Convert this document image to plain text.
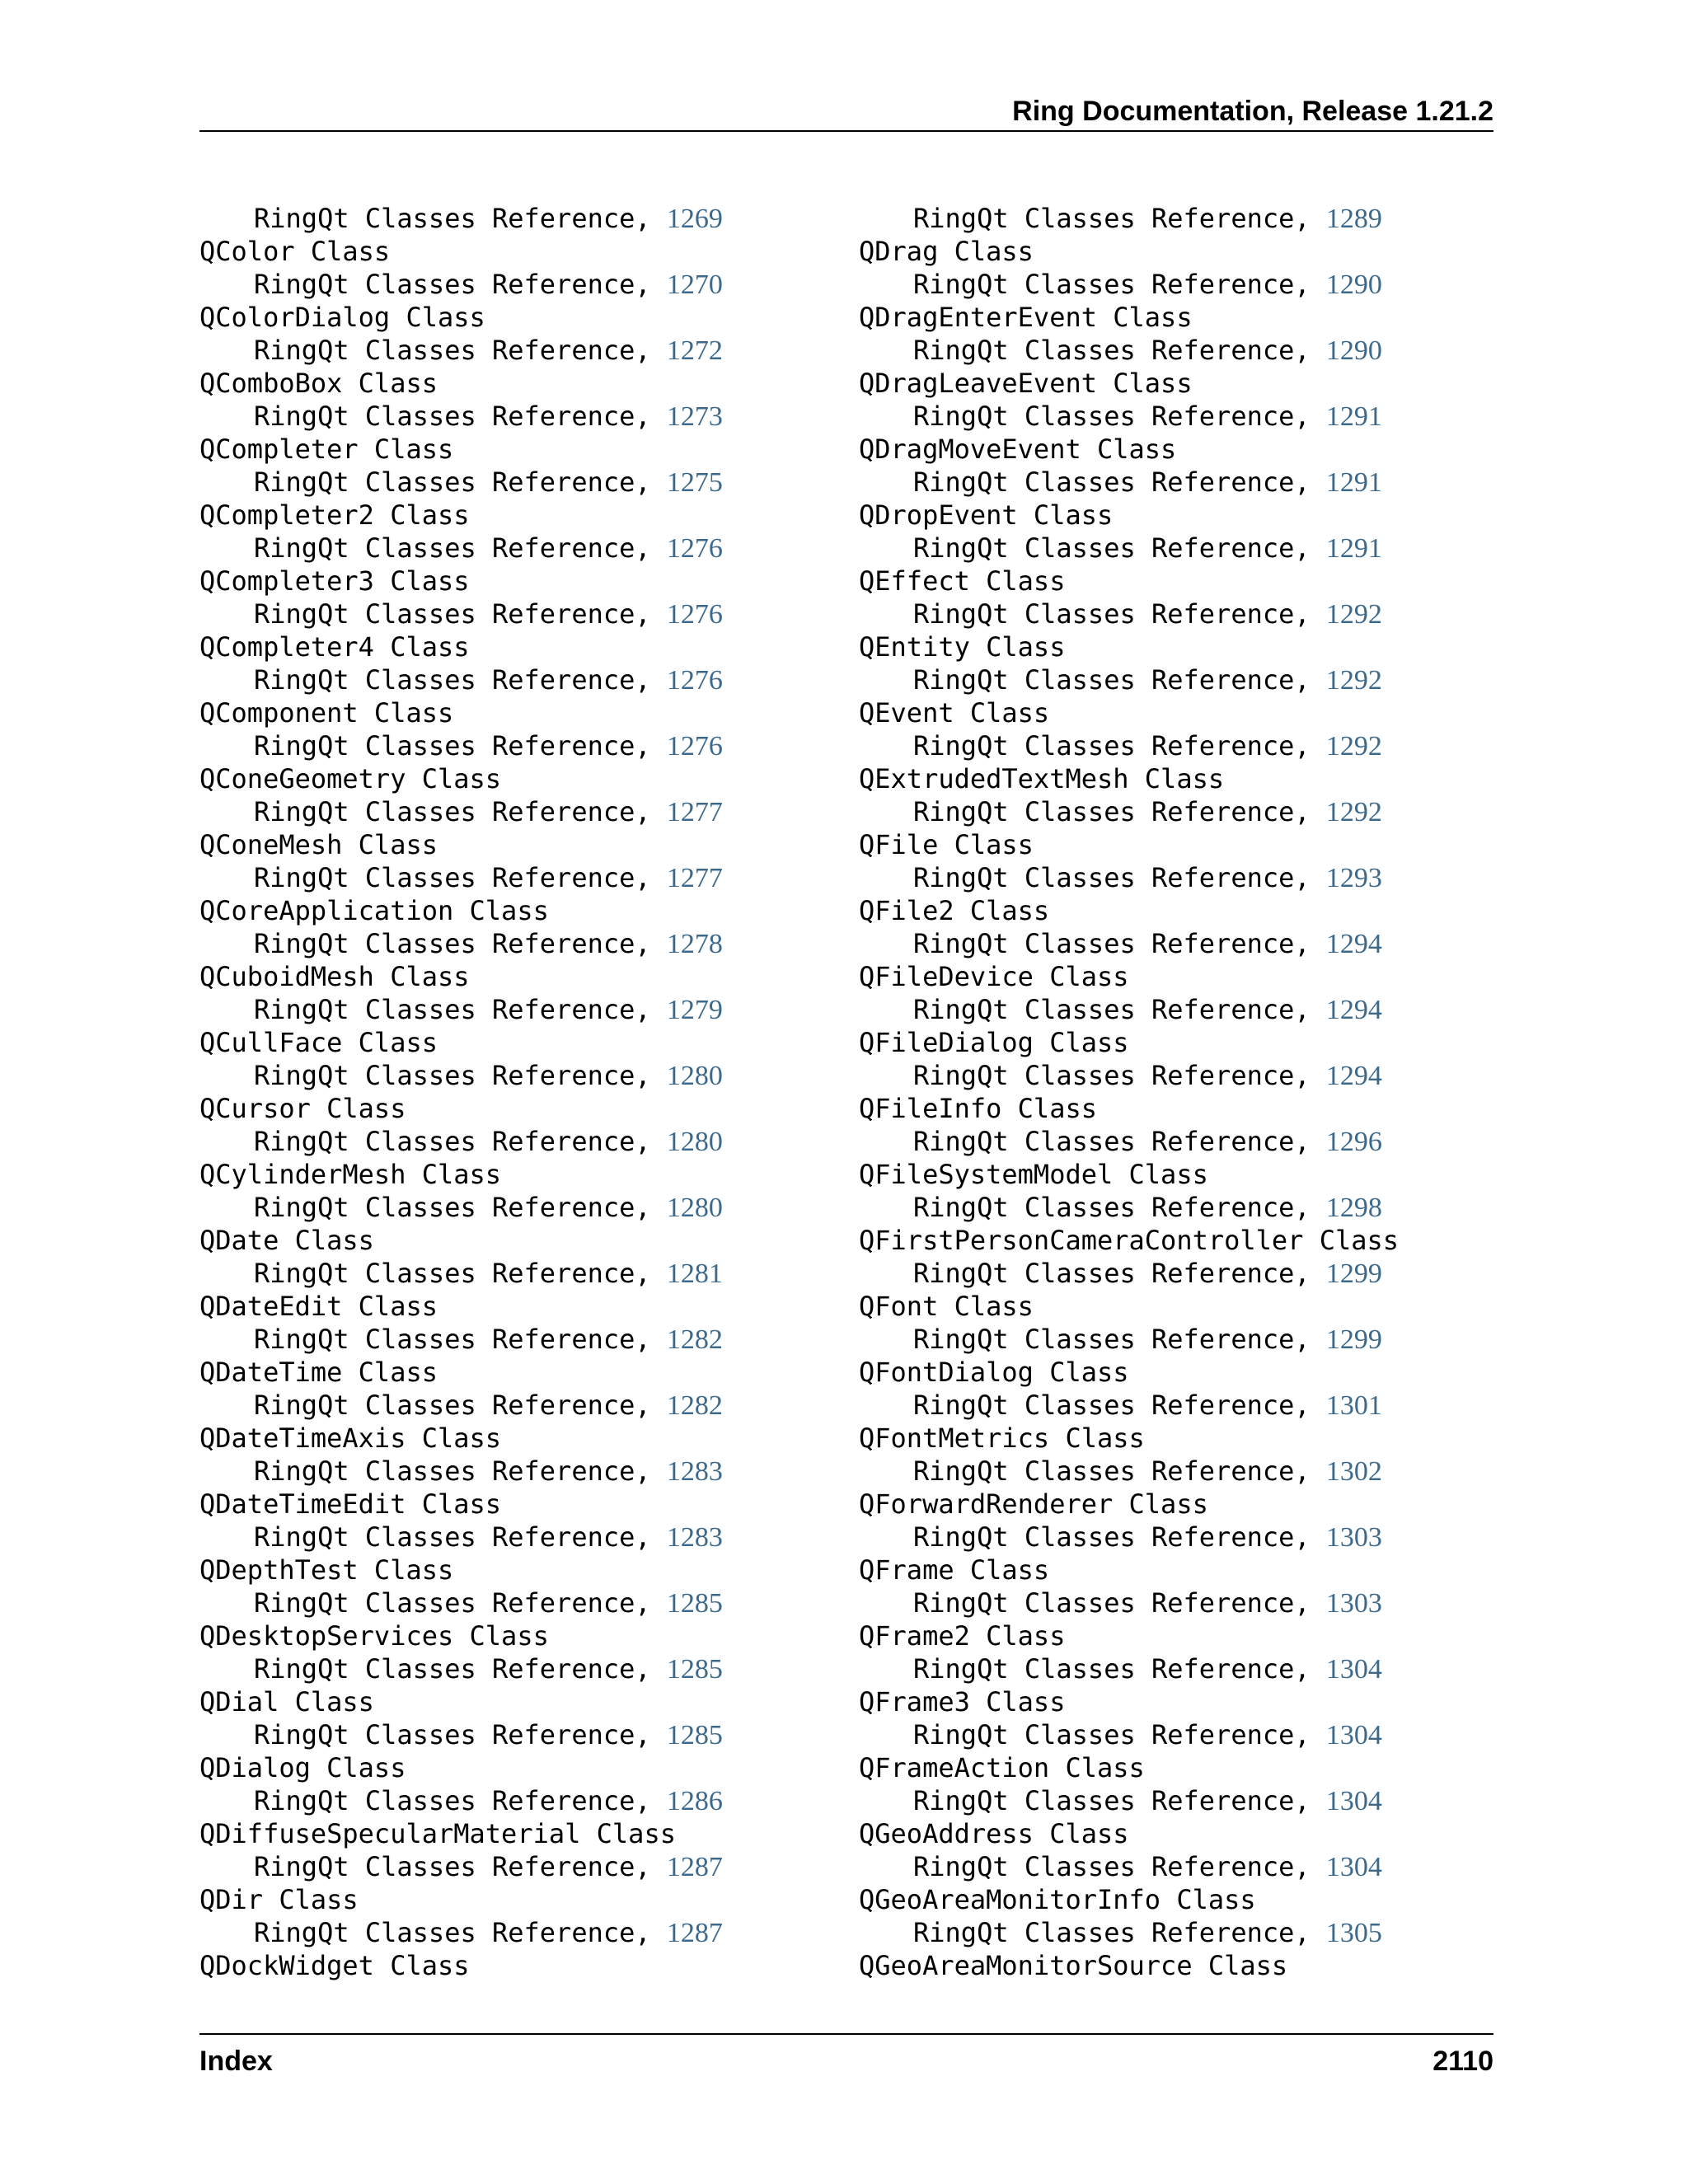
Ring Documentation, Release 1.21.2
RingQt Classes Reference, 1269
QColor Class
RingQt Classes Reference, 1270
QColorDialog Class
RingQt Classes Reference, 1272
QComboBox Class
RingQt Classes Reference, 1273
QCompleter Class
RingQt Classes Reference, 1275
QCompleter2 Class
RingQt Classes Reference, 1276
QCompleter3 Class
RingQt Classes Reference, 1276
QCompleter4 Class
RingQt Classes Reference, 1276
QComponent Class
RingQt Classes Reference, 1276
QConeGeometry Class
RingQt Classes Reference, 1277
QConeMesh Class
RingQt Classes Reference, 1277
QCoreApplication Class
RingQt Classes Reference, 1278
QCuboidMesh Class
RingQt Classes Reference, 1279
QCullFace Class
RingQt Classes Reference, 1280
QCursor Class
RingQt Classes Reference, 1280
QCylinderMesh Class
RingQt Classes Reference, 1280
QDate Class
RingQt Classes Reference, 1281
QDateEdit Class
RingQt Classes Reference, 1282
QDateTime Class
RingQt Classes Reference, 1282
QDateTimeAxis Class
RingQt Classes Reference, 1283
QDateTimeEdit Class
RingQt Classes Reference, 1283
QDepthTest Class
RingQt Classes Reference, 1285
QDesktopServices Class
RingQt Classes Reference, 1285
QDial Class
RingQt Classes Reference, 1285
QDialog Class
RingQt Classes Reference, 1286
QDiffuseSpecularMaterial Class
RingQt Classes Reference, 1287
QDir Class
RingQt Classes Reference, 1287
QDockWidget Class
RingQt Classes Reference, 1289
QDrag Class
RingQt Classes Reference, 1290
QDragEnterEvent Class
RingQt Classes Reference, 1290
QDragLeaveEvent Class
RingQt Classes Reference, 1291
QDragMoveEvent Class
RingQt Classes Reference, 1291
QDropEvent Class
RingQt Classes Reference, 1291
QEffect Class
RingQt Classes Reference, 1292
QEntity Class
RingQt Classes Reference, 1292
QEvent Class
RingQt Classes Reference, 1292
QExtrudedTextMesh Class
RingQt Classes Reference, 1292
QFile Class
RingQt Classes Reference, 1293
QFile2 Class
RingQt Classes Reference, 1294
QFileDevice Class
RingQt Classes Reference, 1294
QFileDialog Class
RingQt Classes Reference, 1294
QFileInfo Class
RingQt Classes Reference, 1296
QFileSystemModel Class
RingQt Classes Reference, 1298
QFirstPersonCameraController Class
RingQt Classes Reference, 1299
QFont Class
RingQt Classes Reference, 1299
QFontDialog Class
RingQt Classes Reference, 1301
QFontMetrics Class
RingQt Classes Reference, 1302
QForwardRenderer Class
RingQt Classes Reference, 1303
QFrame Class
RingQt Classes Reference, 1303
QFrame2 Class
RingQt Classes Reference, 1304
QFrame3 Class
RingQt Classes Reference, 1304
QFrameAction Class
RingQt Classes Reference, 1304
QGeoAddress Class
RingQt Classes Reference, 1304
QGeoAreaMonitorInfo Class
RingQt Classes Reference, 1305
QGeoAreaMonitorSource Class
Index	2110
